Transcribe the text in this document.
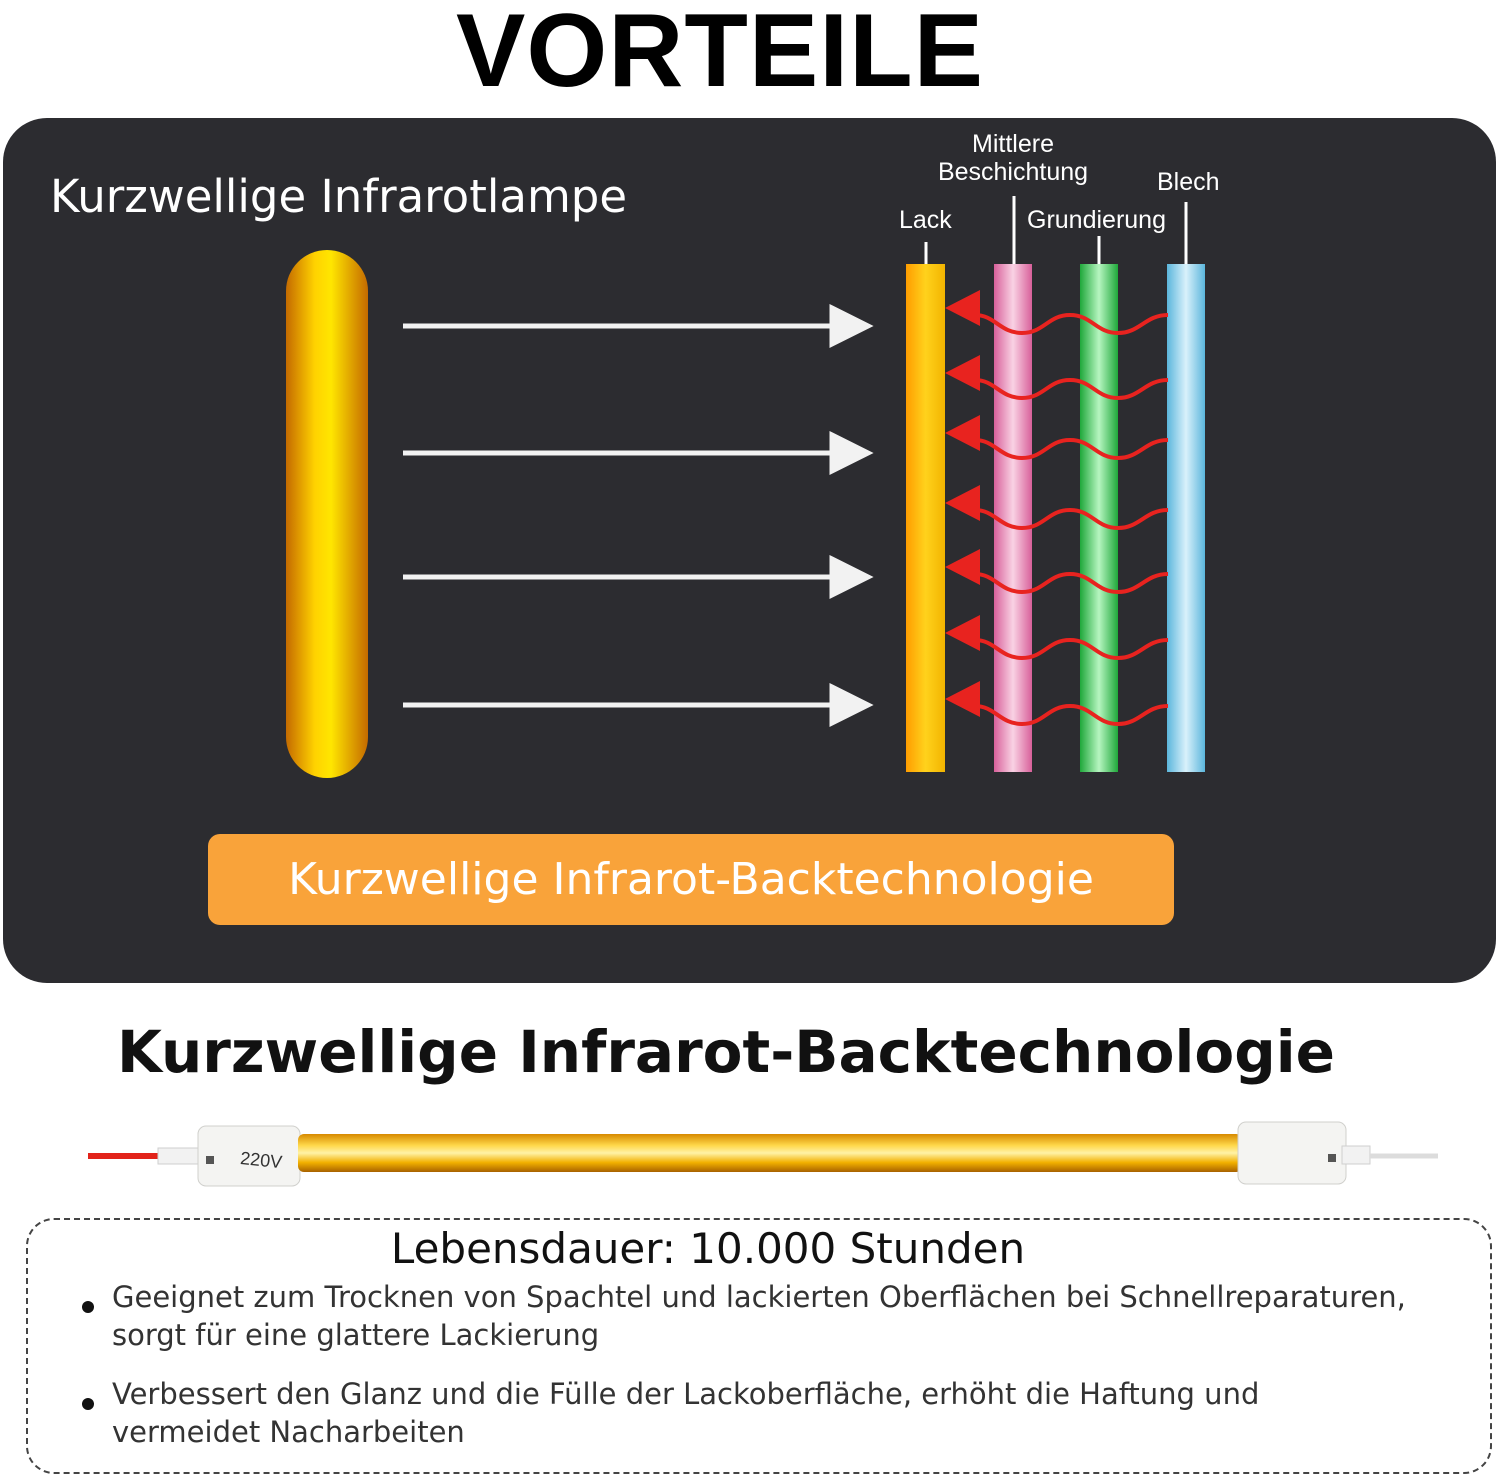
VORTEILE
Kurzwellige Infrarotlampe	Lack
Mittlere
Beschichtung
Grundierung
Blech
Kurzwellige Infrarot-Backtechnologie
Kurzwellige Infrarot-Backtechnologie
220V
Lebensdauer: 10.000 Stunden
Geeignet zum Trocknen von Spachtel und lackierten Oberflächen bei Schnellreparaturen, sorgt für eine glattere Lackierung
Verbessert den Glanz und die Fülle der Lackoberfläche, erhöht die Haftung und vermeidet Nacharbeiten
